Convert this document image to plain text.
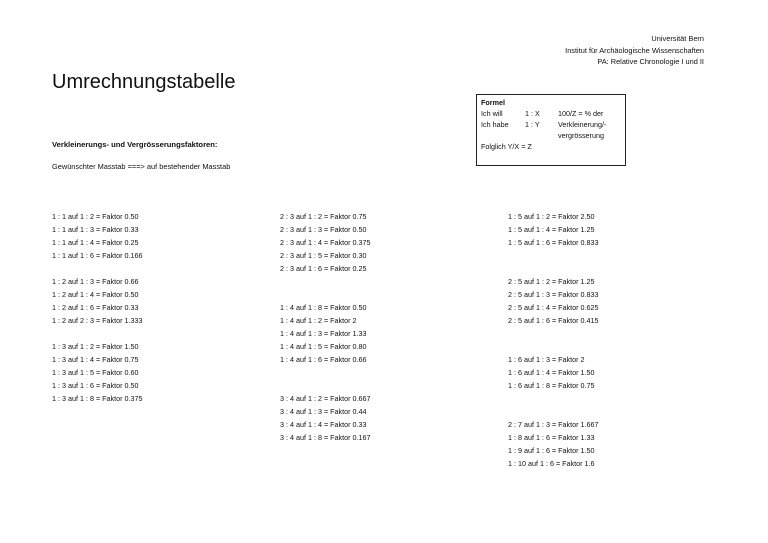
Universität Bern
Institut für Archäologische Wissenschaften
PA: Relative Chronologie I und II
Umrechnungstabelle
Formel
Ich will	1 : X	100/Z = % der
Ich habe 1 : Y	Verkleinerung/-
vergrösserung
Folglich Y/X = Z
Verkleinerungs- und Vergrösserungsfaktoren:
Gewünschter Masstab ===> auf bestehender Masstab
1 : 1 auf 1 : 2 = Faktor 0.50
1 : 1 auf 1 : 3 = Faktor 0.33
1 : 1 auf 1 : 4 = Faktor 0.25
1 : 1 auf 1 : 6 = Faktor 0.166
1 : 2 auf 1 : 3 = Faktor 0.66
1 : 2 auf 1 : 4 = Faktor 0.50
1 : 2 auf 1 : 6 = Faktor 0.33
1 : 2 auf 2 : 3 = Faktor 1.333
1 : 3 auf 1 : 2 = Faktor 1.50
1 : 3 auf 1 : 4 = Faktor 0.75
1 : 3 auf 1 : 5 = Faktor 0.60
1 : 3 auf 1 : 6 = Faktor 0.50
1 : 3 auf 1 : 8 = Faktor 0.375
2 : 3 auf 1 : 2 = Faktor 0.75
2 : 3 auf 1 : 3 = Faktor 0.50
2 : 3 auf 1 : 4 = Faktor 0.375
2 : 3 auf 1 : 5 = Faktor 0.30
2 : 3 auf 1 : 6 = Faktor 0.25
1 : 4 auf 1 : 8 = Faktor 0.50
1 : 4 auf 1 : 2 = Faktor 2
1 : 4 auf 1 : 3 = Faktor 1.33
1 : 4 auf 1 : 5 = Faktor 0.80
1 : 4 auf 1 : 6 = Faktor 0.66
3 : 4 auf 1 : 2 = Faktor 0.667
3 : 4 auf 1 : 3 = Faktor 0.44
3 : 4 auf 1 : 4 = Faktor 0.33
3 : 4 auf 1 : 8 = Faktor 0.167
1 : 5 auf 1 : 2 = Faktor 2.50
1 : 5 auf 1 : 4 = Faktor 1.25
1 : 5 auf 1 : 6 = Faktor 0.833
2 : 5 auf 1 : 2 = Faktor 1.25
2 : 5 auf 1 : 3 = Faktor 0.833
2 : 5 auf 1 : 4 = Faktor 0.625
2 : 5 auf 1 : 6 = Faktor 0.415
1 : 6 auf 1 : 3 = Faktor 2
1 : 6 auf 1 : 4 = Faktor 1.50
1 : 6 auf 1 : 8 = Faktor 0.75
2 : 7 auf 1 : 3 = Faktor 1.667
1 : 8 auf 1 : 6 = Faktor 1.33
1 : 9 auf 1 : 6 = Faktor 1.50
1 : 10 auf 1 : 6 = Faktor 1.6
